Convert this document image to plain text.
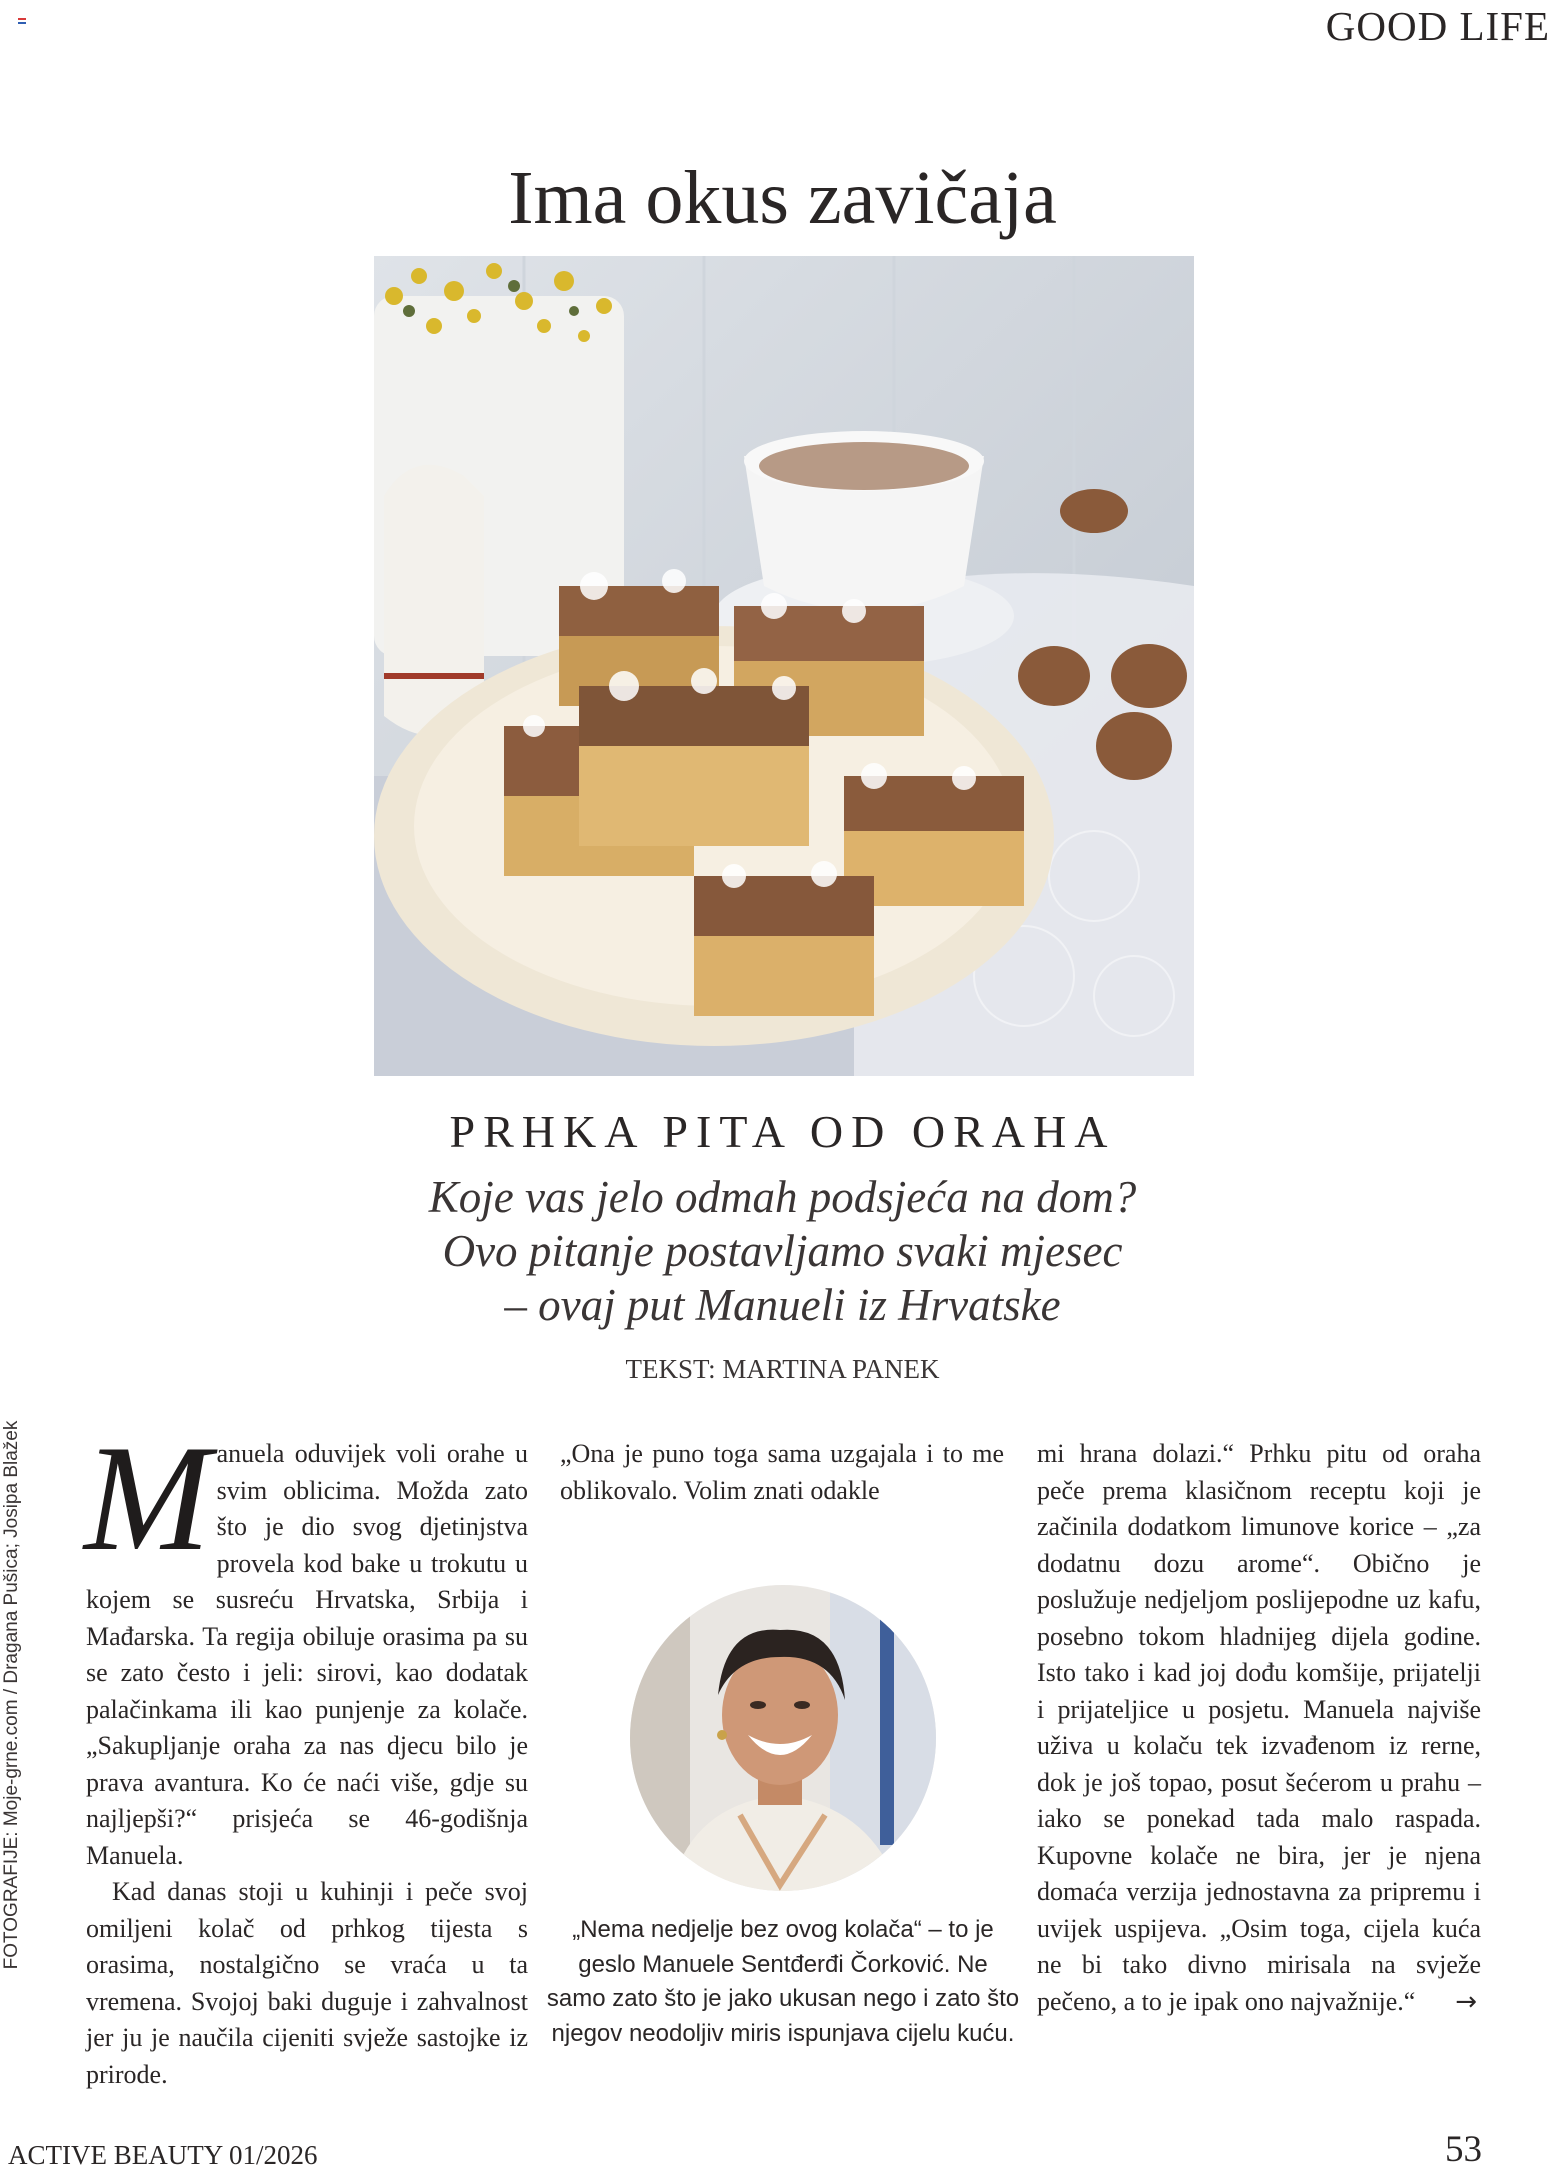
GOOD LIFE
Ima okus zavičaja
PRHKA PITA OD ORAHA
Koje vas jelo odmah podsjeća na dom?
Ovo pitanje postavljamo svaki mjesec
– ovaj put Manueli iz Hrvatske
TEKST: MARTINA PANEK
FOTOGRAFIJE: Moje-grne.com / Dragana Pušica; Josipa Blažek M anuela oduvijek voli orahe u svim oblicima. Možda zato što je dio svog djetinjstva provela kod bake u trokutu u kojem se susreću Hrvatska, Srbija i Mađarska. Ta regija obiluje orasima pa su se zato često i jeli: sirovi, kao dodatak palačinkama ili kao punjenje za kolače. „Sakupljanje oraha za nas djecu bilo je prava avantura. Ko će naći više, gdje su najljepši?“ prisjeća se 46-godišnja Manuela.

Kad danas stoji u kuhinji i peče svoj omiljeni kolač od prhkog tijesta s orasima, nostalgično se vraća u ta vremena. Svojoj baki duguje i zahvalnost jer ju je naučila cijeniti svježe sastojke iz prirode.

„Ona je puno toga sama uzgajala i to me oblikovalo. Volim znati odakle

„Nema nedjelje bez ovog kolača“ – to je geslo Manuele Sentđerđi Čorković. Ne samo zato što je jako ukusan nego i zato što njegov neodoljiv miris ispunjava cijelu kuću.

mi hrana dolazi.“ Prhku pitu od oraha peče prema klasičnom receptu koji je začinila dodatkom limunove korice – „za dodatnu dozu arome“. Obično je poslužuje nedjeljom poslijepodne uz kafu, posebno tokom hladnijeg dijela godine. Isto tako i kad joj dođu komšije, prijatelji i prijateljice u posjetu. Manuela najviše uživa u kolaču tek izvađenom iz rerne, dok je još topao, posut šećerom u prahu – iako se ponekad tada malo raspada. Kupovne kolače ne bira, jer je njena domaća verzija jednostavna za pripremu i uvijek uspijeva. „Osim toga, cijela kuća ne bi tako divno mirisala na svježe pečeno, a to je ipak ono najvažnije.“ →

ACTIVE BEAUTY 01/2026	53
